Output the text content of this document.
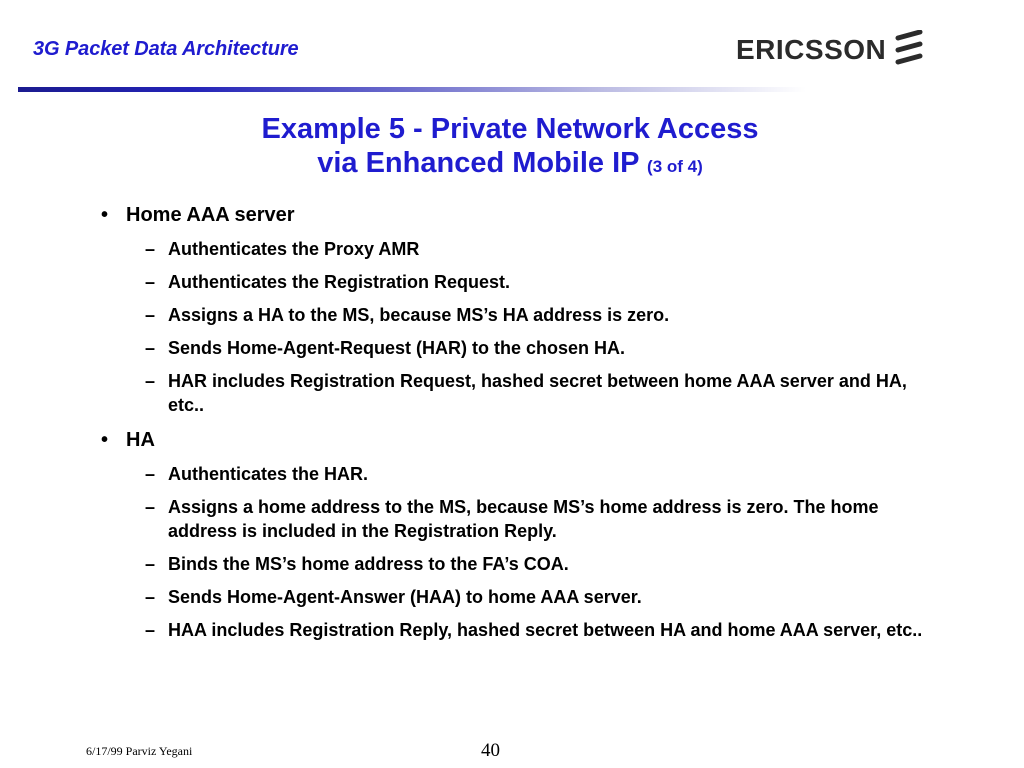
3G Packet Data Architecture	ERICSSON
Example 5 - Private Network Access
via Enhanced Mobile IP (3 of 4)
• Home AAA server
– Authenticates the Proxy AMR
– Authenticates the Registration Request.
– Assigns a HA to the MS, because MS’s HA address is zero.
– Sends Home-Agent-Request (HAR) to the chosen HA.
– HAR includes Registration Request, hashed secret between home AAA server and HA, etc..
• HA
– Authenticates the HAR.
– Assigns a home address to the MS, because MS’s home address is zero. The home address is included in the Registration Reply.
– Binds the MS’s home address to the FA’s COA.
– Sends Home-Agent-Answer (HAA) to home AAA server.
– HAA includes Registration Reply, hashed secret between HA and home AAA server, etc..
6/17/99 Parviz Yegani	40
